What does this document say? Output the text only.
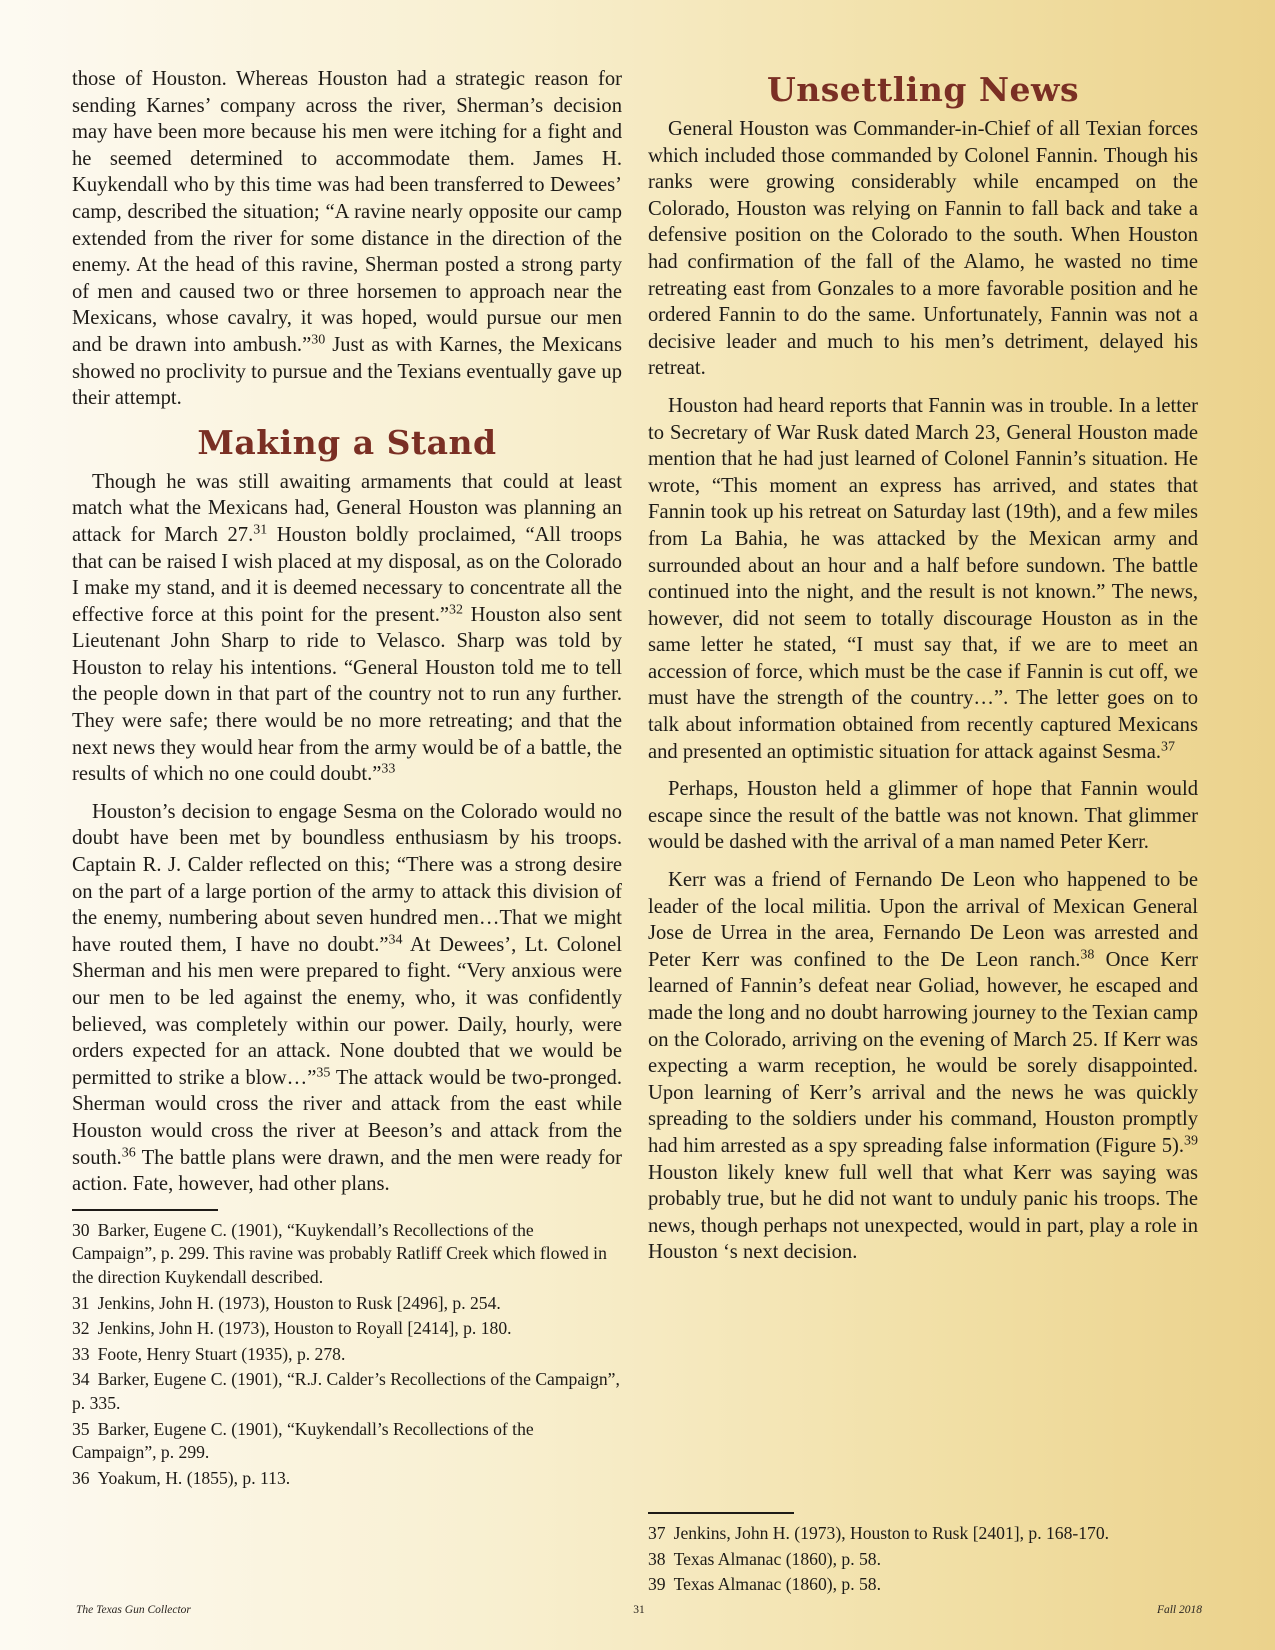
those of Houston. Whereas Houston had a strategic reason for sending Karnes’ company across the river, Sherman’s decision may have been more because his men were itching for a fight and he seemed determined to accommodate them. James H. Kuykendall who by this time was had been transferred to Dewees’ camp, described the situation; “A ravine nearly opposite our camp extended from the river for some distance in the direction of the enemy. At the head of this ravine, Sherman posted a strong party of men and caused two or three horsemen to approach near the Mexicans, whose cavalry, it was hoped, would pursue our men and be drawn into ambush.”$^{30}$ Just as with Karnes, the Mexicans showed no proclivity to pursue and the Texians eventually gave up their attempt.

Making a Stand

Though he was still awaiting armaments that could at least match what the Mexicans had, General Houston was planning an attack for March 27.31 Houston boldly proclaimed, “All troops that can be raised I wish placed at my disposal, as on the Colorado I make my stand, and it is deemed necessary to concentrate all the effective force at this point for the present.”$^{32}$ Houston also sent Lieutenant John Sharp to ride to Velasco. Sharp was told by Houston to relay his intentions. “General Houston told me to tell the people down in that part of the country not to run any further. They were safe; there would be no more retreating; and that the next news they would hear from the army would be of a battle, the results of which no one could doubt.”$^{33}$

Houston’s decision to engage Sesma on the Colorado would no doubt have been met by boundless enthusiasm by his troops. Captain R. J. Calder reflected on this; “There was a strong desire on the part of a large portion of the army to attack this division of the enemy, numbering about seven hundred men…That we might have routed them, I have no doubt.”$^{34}$ At Dewees’, Lt. Colonel Sherman and his men were prepared to fight. “Very anxious were our men to be led against the enemy, who, it was confidently believed, was completely within our power. Daily, hourly, were orders expected for an attack. None doubted that we would be permitted to strike a blow…”$^{35}$ The attack would be two-pronged. Sherman would cross the river and attack from the east while Houston would cross the river at Beeson’s and attack from the south.$^{36}$ The battle plans were drawn, and the men were ready for action. Fate, however, had other plans.

30 Barker, Eugene C. (1901), “Kuykendall’s Recollections of the Campaign”, p. 299. This ravine was probably Ratliff Creek which flowed in the direction Kuykendall described.

31 Jenkins, John H. (1973), Houston to Rusk [2496], p. 254.

32 Jenkins, John H. (1973), Houston to Royall [2414], p. 180.

33 Foote, Henry Stuart (1935), p. 278.

34 Barker, Eugene C. (1901), “R.J. Calder’s Recollections of the Campaign”, p. 335.

35 Barker, Eugene C. (1901), “Kuykendall’s Recollections of the Campaign”, p. 299.

36 Yoakum, H. (1855), p. 113.

Unsettling News

General Houston was Commander-in-Chief of all Texian forces which included those commanded by Colonel Fannin. Though his ranks were growing considerably while encamped on the Colorado, Houston was relying on Fannin to fall back and take a defensive position on the Colorado to the south. When Houston had confirmation of the fall of the Alamo, he wasted no time retreating east from Gonzales to a more favorable position and he ordered Fannin to do the same. Unfortunately, Fannin was not a decisive leader and much to his men’s detriment, delayed his retreat.

Houston had heard reports that Fannin was in trouble. In a letter to Secretary of War Rusk dated March 23, General Houston made mention that he had just learned of Colonel Fannin’s situation. He wrote, “This moment an express has arrived, and states that Fannin took up his retreat on Saturday last (19th), and a few miles from La Bahia, he was attacked by the Mexican army and surrounded about an hour and a half before sundown. The battle continued into the night, and the result is not known.” The news, however, did not seem to totally discourage Houston as in the same letter he stated, “I must say that, if we are to meet an accession of force, which must be the case if Fannin is cut off, we must have the strength of the country…”. The letter goes on to talk about information obtained from recently captured Mexicans and presented an optimistic situation for attack against Sesma.$^{37}$

Perhaps, Houston held a glimmer of hope that Fannin would escape since the result of the battle was not known. That glimmer would be dashed with the arrival of a man named Peter Kerr.

Kerr was a friend of Fernando De Leon who happened to be leader of the local militia. Upon the arrival of Mexican General Jose de Urrea in the area, Fernando De Leon was arrested and Peter Kerr was confined to the De Leon ranch.$^{38}$ Once Kerr learned of Fannin’s defeat near Goliad, however, he escaped and made the long and no doubt harrowing journey to the Texian camp on the Colorado, arriving on the evening of March 25. If Kerr was expecting a warm reception, he would be sorely disappointed. Upon learning of Kerr’s arrival and the news he was quickly spreading to the soldiers under his command, Houston promptly had him arrested as a spy spreading false information (Figure 5).$^{39}$ Houston likely knew full well that what Kerr was saying was probably true, but he did not want to unduly panic his troops. The news, though perhaps not unexpected, would in part, play a role in Houston ‘s next decision.

37 Jenkins, John H. (1973), Houston to Rusk [2401], p. 168-170.

38 Texas Almanac (1860), p. 58.

39 Texas Almanac (1860), p. 58.

31
The Texas Gun Collector	Fall 2018
